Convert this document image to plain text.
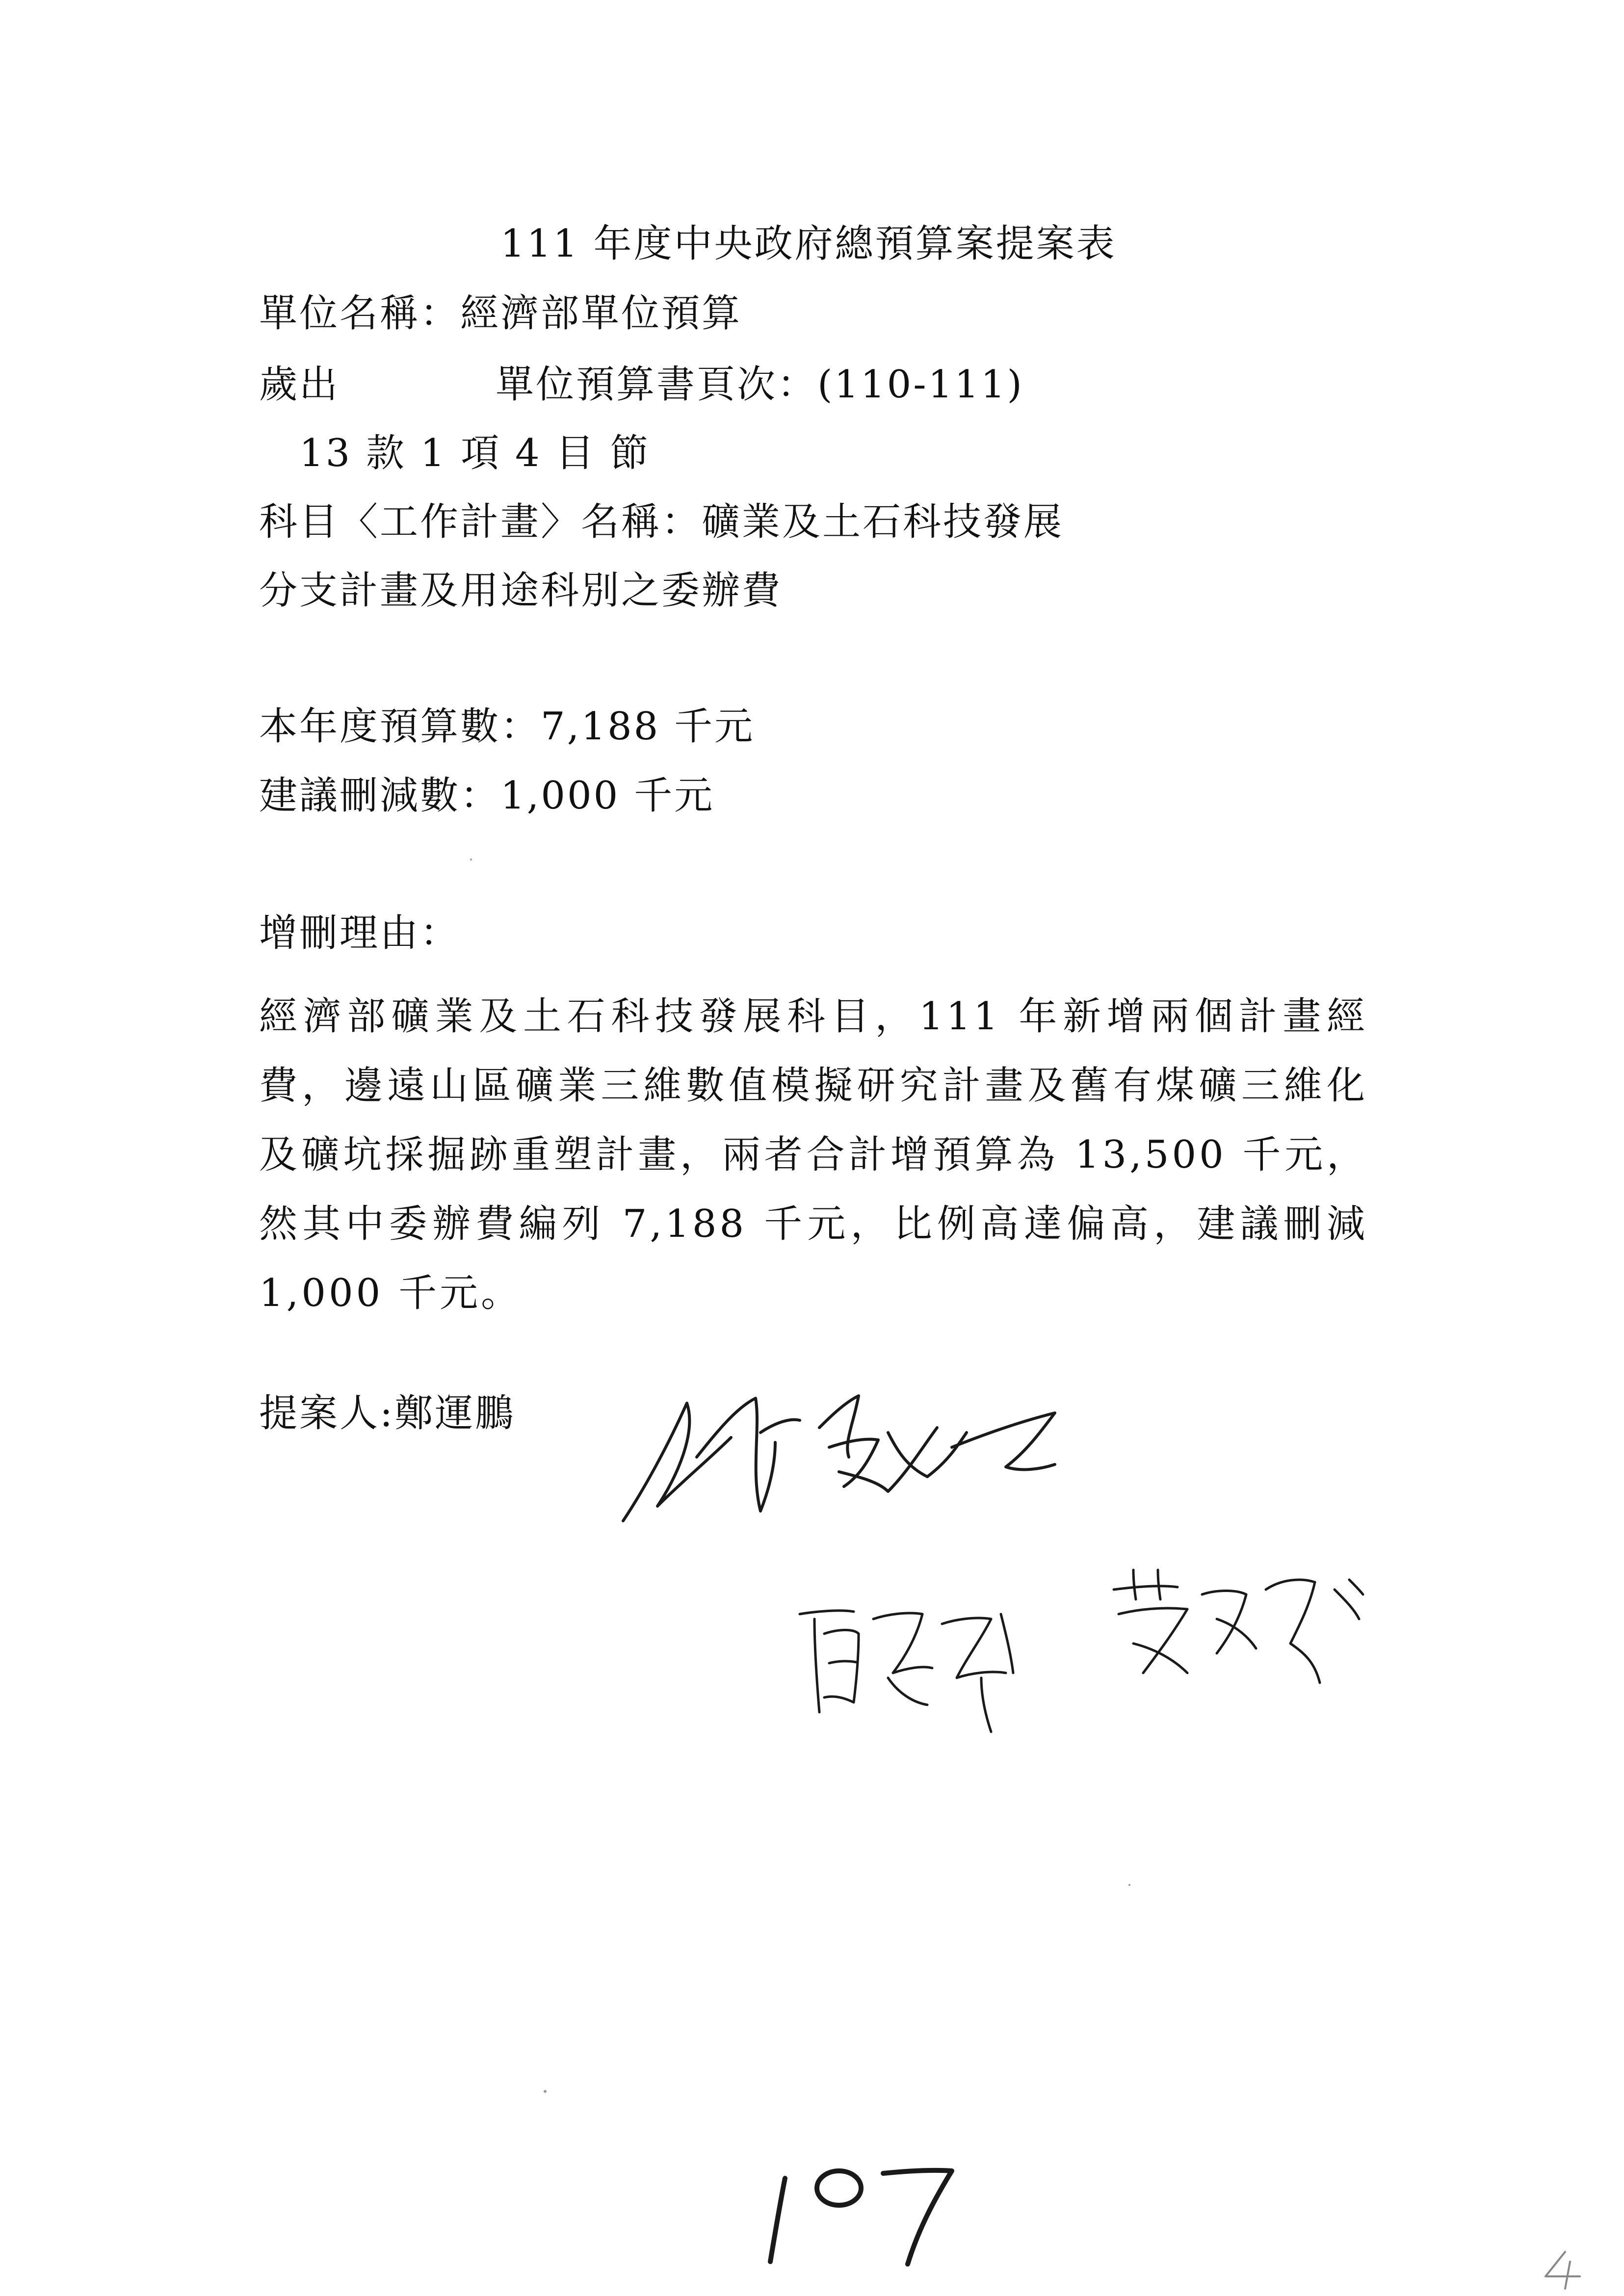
111 年度中央政府總預算案提案表
單位名稱：經濟部單位預算
歲出	單位預算書頁次：(110-111)
13 款 1 項 4 目 節
科目〈工作計畫〉名稱：礦業及土石科技發展
分支計畫及用途科別之委辦費
本年度預算數：7,188 千元
建議刪減數：1,000 千元
增刪理由：
經濟部礦業及土石科技發展科目，111 年新增兩個計畫經費，邊遠山區礦業三維數值模擬研究計畫及舊有煤礦三維化及礦坑採掘跡重塑計畫，兩者合計增預算為 13,500 千元，然其中委辦費編列 7,188 千元，比例高達偏高，建議刪減 1,000 千元。
提案人:鄭運鵬
